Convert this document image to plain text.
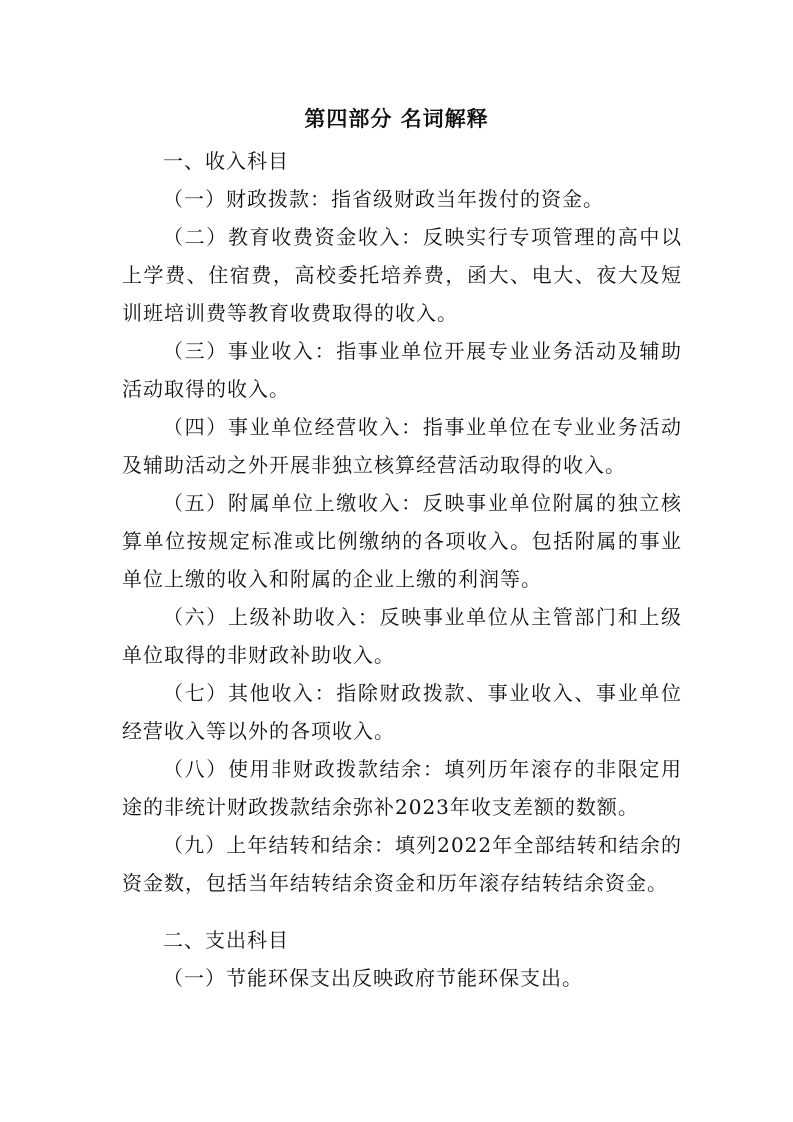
第四部分 名词解释

一、收入科目

（一）财政拨款：指省级财政当年拨付的资金。

（二）教育收费资金收入：反映实行专项管理的高中以上学费、住宿费，高校委托培养费，函大、电大、夜大及短训班培训费等教育收费取得的收入。

（三）事业收入：指事业单位开展专业业务活动及辅助活动取得的收入。

（四）事业单位经营收入：指事业单位在专业业务活动及辅助活动之外开展非独立核算经营活动取得的收入。

（五）附属单位上缴收入：反映事业单位附属的独立核算单位按规定标准或比例缴纳的各项收入。包括附属的事业单位上缴的收入和附属的企业上缴的利润等。

（六）上级补助收入：反映事业单位从主管部门和上级单位取得的非财政补助收入。

（七）其他收入：指除财政拨款、事业收入、事业单位经营收入等以外的各项收入。

（八）使用非财政拨款结余：填列历年滚存的非限定用途的非统计财政拨款结余弥补2023年收支差额的数额。

（九）上年结转和结余：填列2022年全部结转和结余的资金数，包括当年结转结余资金和历年滚存结转结余资金。

二、支出科目

（一）节能环保支出反映政府节能环保支出。
